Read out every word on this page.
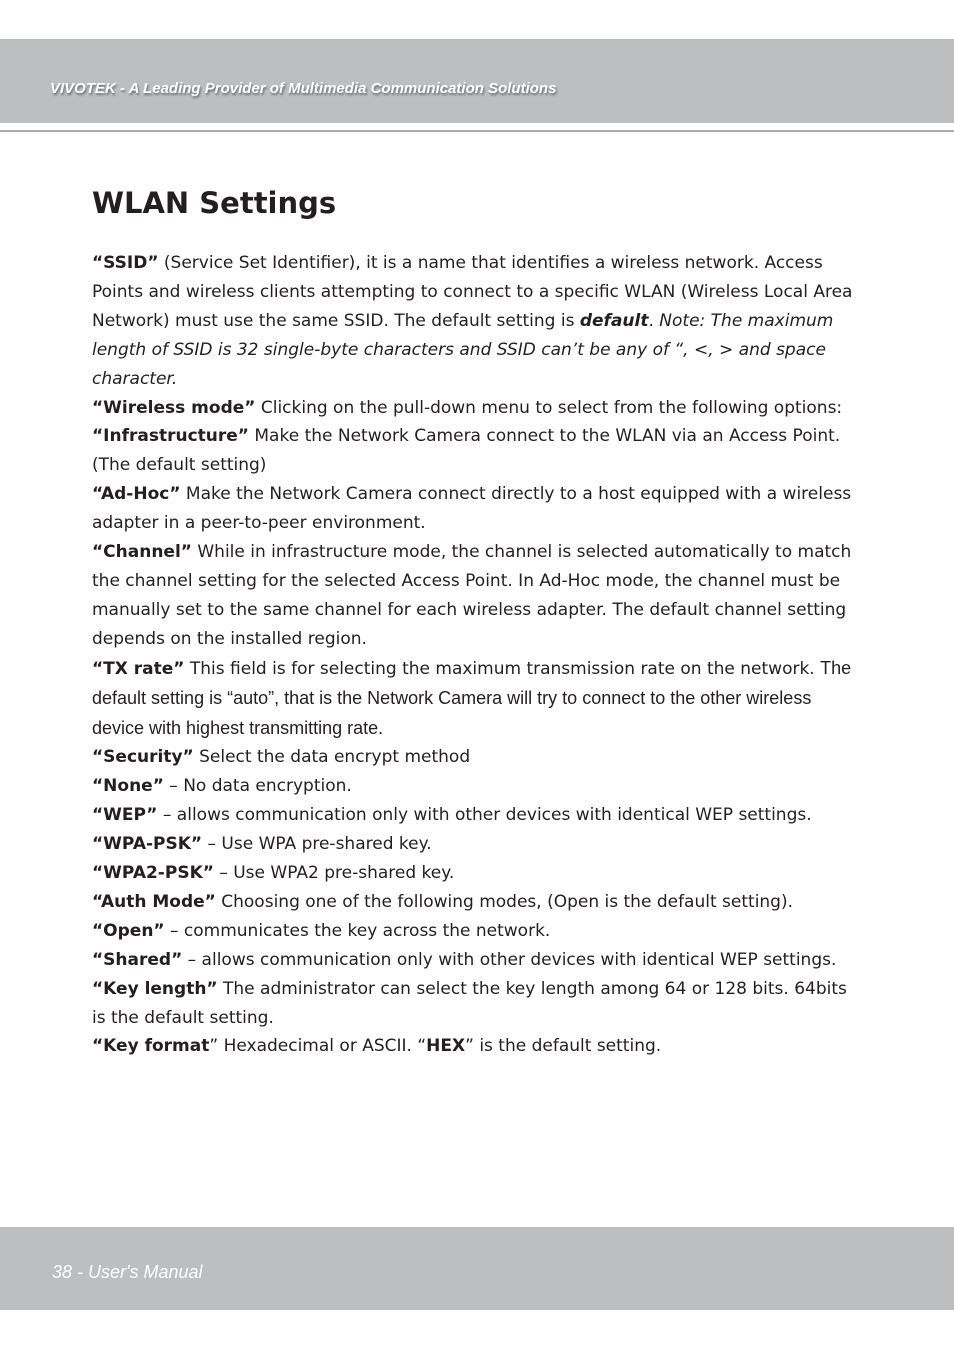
VIVOTEK - A Leading Provider of Multimedia Communication Solutions
WLAN Settings

“SSID” (Service Set Identifier), it is a name that identifies a wireless network. Access Points and wireless clients attempting to connect to a specific WLAN (Wireless Local Area Network) must use the same SSID. The default setting is default. Note: The maximum length of SSID is 32 single-byte characters and SSID can’t be any of “, <, > and space character.

“Wireless mode” Clicking on the pull-down menu to select from the following options:

“Infrastructure” Make the Network Camera connect to the WLAN via an Access Point. (The default setting)

“Ad-Hoc” Make the Network Camera connect directly to a host equipped with a wireless adapter in a peer-to-peer environment.

“Channel” While in infrastructure mode, the channel is selected automatically to match the channel setting for the selected Access Point. In Ad-Hoc mode, the channel must be manually set to the same channel for each wireless adapter. The default channel setting depends on the installed region.

“TX rate” This field is for selecting the maximum transmission rate on the network. The default setting is “auto”, that is the Network Camera will try to connect to the other wireless device with highest transmitting rate.

“Security” Select the data encrypt method

“None” – No data encryption.

“WEP” – allows communication only with other devices with identical WEP settings.

“WPA-PSK” – Use WPA pre-shared key.

“WPA2-PSK” – Use WPA2 pre-shared key.

“Auth Mode” Choosing one of the following modes, (Open is the default setting).

“Open” – communicates the key across the network.

“Shared” – allows communication only with other devices with identical WEP settings.

“Key length” The administrator can select the key length among 64 or 128 bits. 64bits is the default setting.

“Key format” Hexadecimal or ASCII. “HEX” is the default setting.

38 - User's Manual
